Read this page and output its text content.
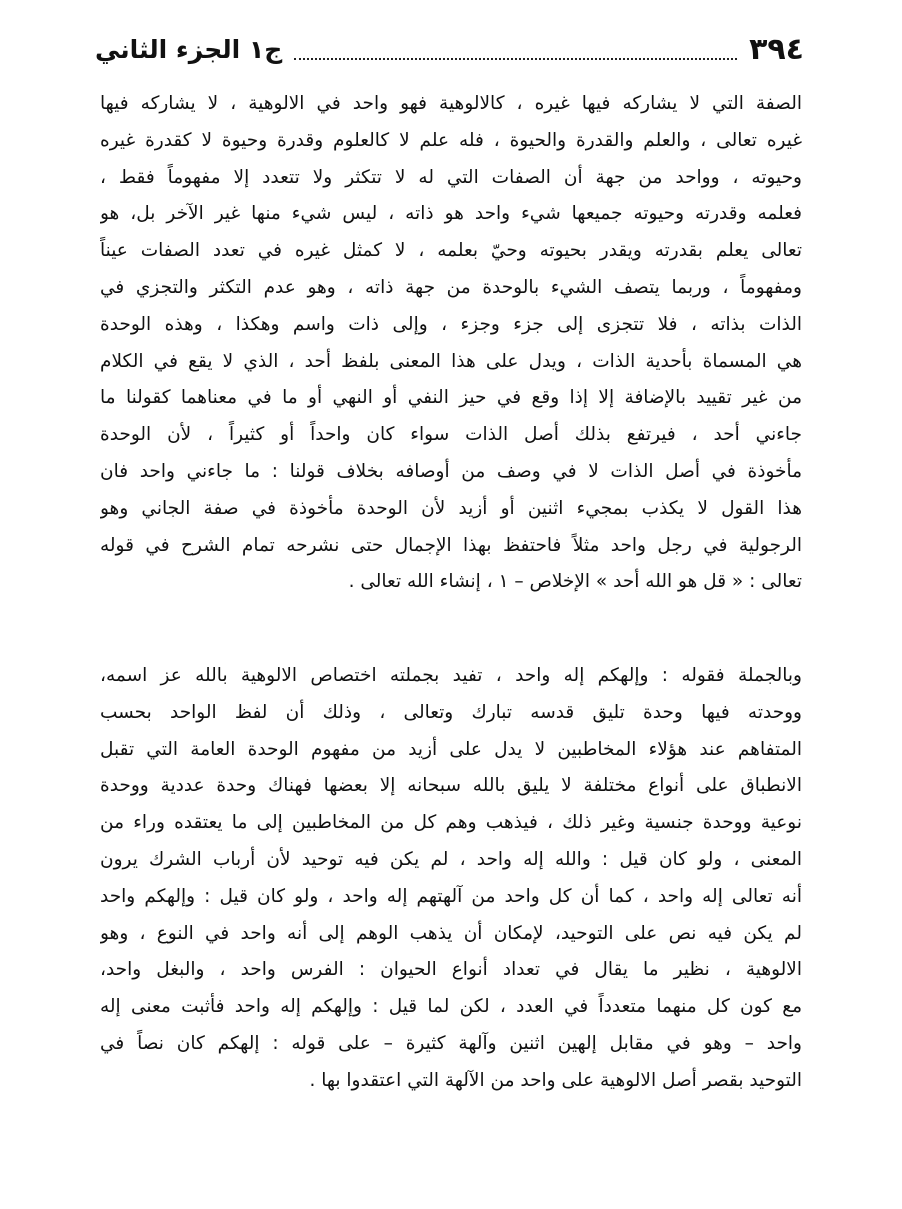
٣٩٤
ج١ الجزء الثاني
الصفة التي لا يشاركه فيها غيره ، كالالوهية فهو واحد في الالوهية ، لا يشاركه فيها
غيره تعالى ، والعلم والقدرة والحيوة ، فله علم لا كالعلوم وقدرة وحيوة لا كقدرة غيره
وحيوته ، وواحد من جهة أن الصفات التي له لا تتكثر ولا تتعدد إلا مفهوماً فقط ،
فعلمه وقدرته وحيوته جميعها شيء واحد هو ذاته ، ليس شيء منها غير الآخر بل، هو
تعالى يعلم بقدرته ويقدر بحيوته وحيّ بعلمه ، لا كمثل غيره في تعدد الصفات عيناً
ومفهوماً ، وربما يتصف الشيء بالوحدة من جهة ذاته ، وهو عدم التكثر والتجزي في
الذات بذاته ، فلا تتجزى إلى جزء وجزء ، وإلى ذات واسم وهكذا ، وهذه الوحدة
هي المسماة بأحدية الذات ، ويدل على هذا المعنى بلفظ أحد ، الذي لا يقع في الكلام
من غير تقييد بالإضافة إلا إذا وقع في حيز النفي أو النهي أو ما في معناهما كقولنا ما
جاءني أحد ، فيرتفع بذلك أصل الذات سواء كان واحداً أو كثيراً ، لأن الوحدة
مأخوذة في أصل الذات لا في وصف من أوصافه بخلاف قولنا : ما جاءني واحد فان
هذا القول لا يكذب بمجيء اثنين أو أزيد لأن الوحدة مأخوذة في صفة الجاني وهو
الرجولية في رجل واحد مثلاً فاحتفظ بهذا الإجمال حتى نشرحه تمام الشرح في قوله
تعالى : « قل هو الله أحد » الإخلاص – ١ ، إنشاء الله تعالى .
وبالجملة فقوله : وإلهكم إله واحد ، تفيد بجملته اختصاص الالوهية بالله عز اسمه،
ووحدته فيها وحدة تليق قدسه تبارك وتعالى ، وذلك أن لفظ الواحد بحسب
المتفاهم عند هؤلاء المخاطبين لا يدل على أزيد من مفهوم الوحدة العامة التي تقبل
الانطباق على أنواع مختلفة لا يليق بالله سبحانه إلا بعضها فهناك وحدة عددية ووحدة
نوعية ووحدة جنسية وغير ذلك ، فيذهب وهم كل من المخاطبين إلى ما يعتقده وراء من
المعنى ، ولو كان قيل : والله إله واحد ، لم يكن فيه توحيد لأن أرباب الشرك يرون
أنه تعالى إله واحد ، كما أن كل واحد من آلهتهم إله واحد ، ولو كان قيل : وإلهكم واحد
لم يكن فيه نص على التوحيد، لإمكان أن يذهب الوهم إلى أنه واحد في النوع ، وهو
الالوهية ، نظير ما يقال في تعداد أنواع الحيوان : الفرس واحد ، والبغل واحد،
مع كون كل منهما متعدداً في العدد ، لكن لما قيل : وإلهكم إله واحد فأثبت معنى إله
واحد – وهو في مقابل إلهين اثنين وآلهة كثيرة – على قوله : إلهكم كان نصاً في
التوحيد بقصر أصل الالوهية على واحد من الآلهة التي اعتقدوا بها .
